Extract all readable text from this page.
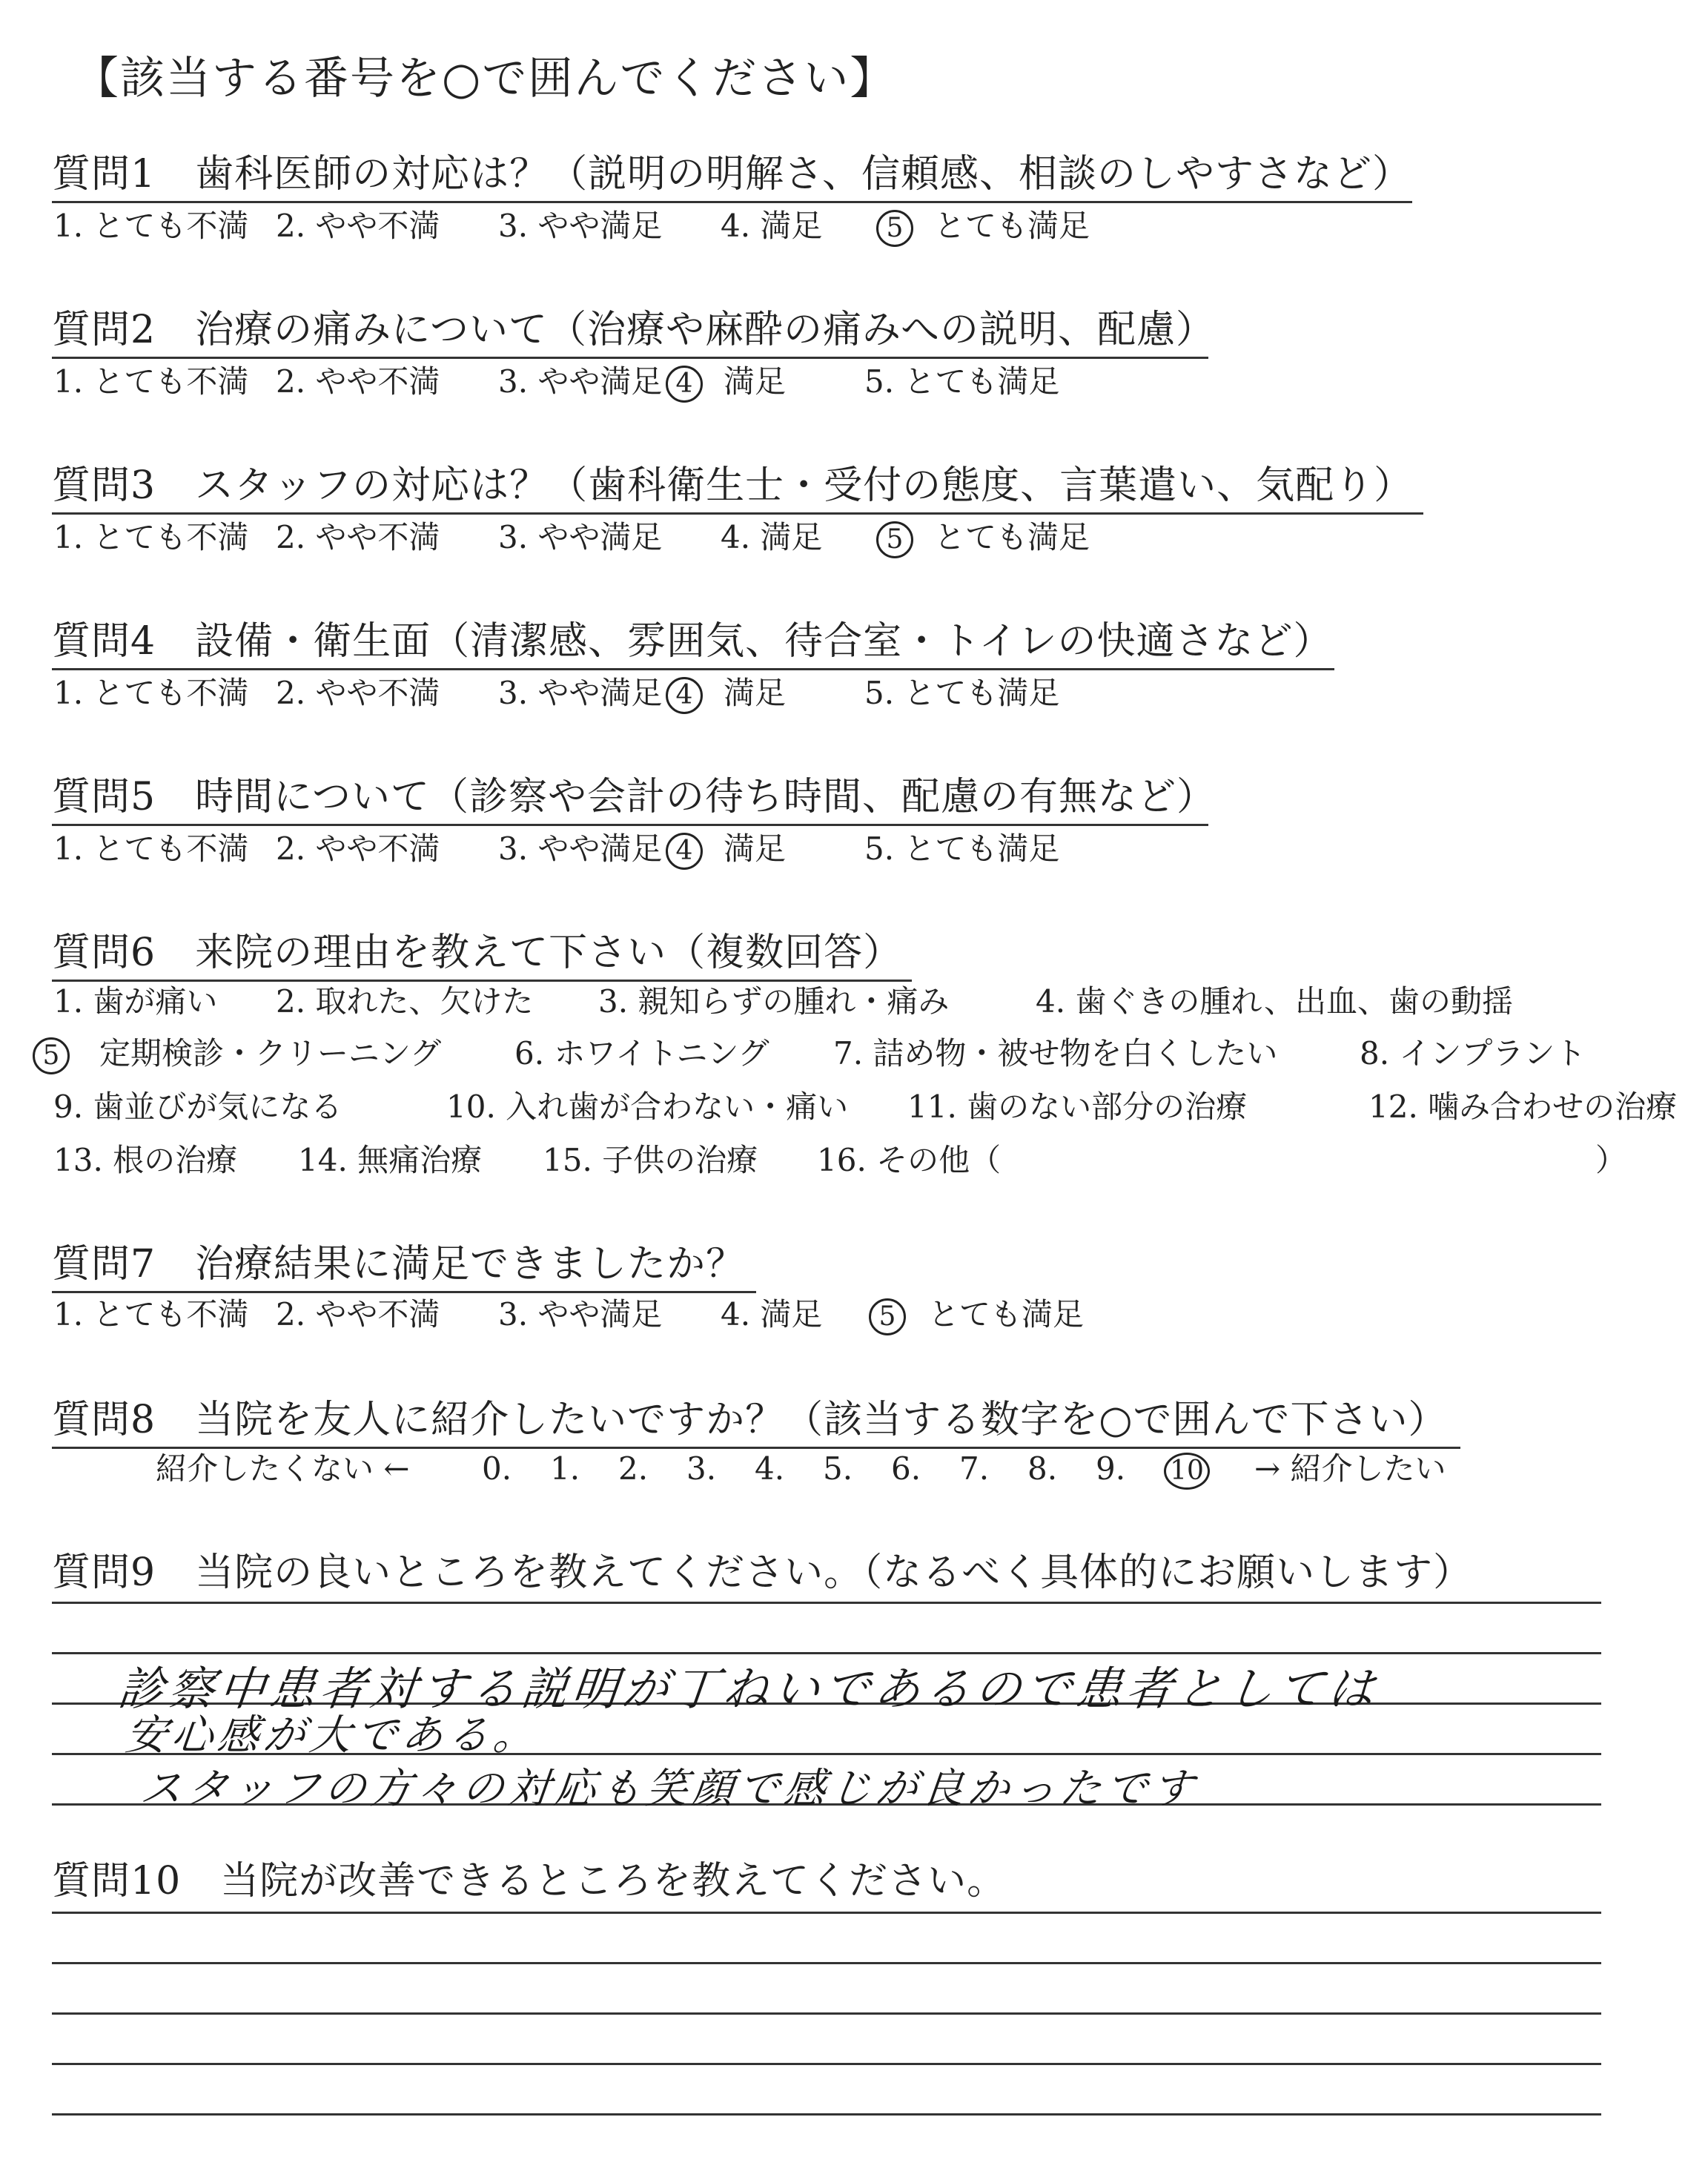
【該当する番号を○で囲んでください】
質問1　歯科医師の対応は？（説明の明解さ、信頼感、相談のしやすさなど）
1. とても不満 2. やや不満 3. やや満足 4. 満足 5 とても満足
質問2　治療の痛みについて（治療や麻酔の痛みへの説明、配慮）
1. とても不満 2. やや不満 3. やや満足 4 満足	5. とても満足
質問3　スタッフの対応は？（歯科衛生士・受付の態度、言葉遣い、気配り）
1. とても不満 2. やや不満 3. やや満足 4. 満足 5 とても満足
質問4　設備・衛生面（清潔感、雰囲気、待合室・トイレの快適さなど）
1. とても不満 2. やや不満 3. やや満足 4 満足	5. とても満足
質問5　時間について（診察や会計の待ち時間、配慮の有無など）
1. とても不満 2. やや不満 3. やや満足 4 満足	5. とても満足
質問6　来院の理由を教えて下さい（複数回答）
1. 歯が痛い 2. 取れた、欠けた 3. 親知らずの腫れ・痛み	4. 歯ぐきの腫れ、出血、歯の動揺
5 定期検診・クリーニング 6. ホワイトニング 7. 詰め物・被せ物を白くしたい	8. インプラント
9. 歯並びが気になる	10. 入れ歯が合わない・痛い 11. 歯のない部分の治療	12. 噛み合わせの治療
13. 根の治療 14. 無痛治療 15. 子供の治療 16. その他（	）
質問7　治療結果に満足できましたか？
1. とても不満 2. やや不満 3. やや満足 4. 満足 5 とても満足
質問8　当院を友人に紹介したいですか？（該当する数字を○で囲んで下さい）
紹介したくない ← 0. 1. 2. 3. 4. 5. 6. 7. 8. 9. 10 → 紹介したい
質問9　当院の良いところを教えてください。（なるべく具体的にお願いします）
診察中患者対する説明が丁ねいであるので患者としては
安心感が大である。
スタッフの方々の対応も笑顔で感じが良かったです
質問10　当院が改善できるところを教えてください。
